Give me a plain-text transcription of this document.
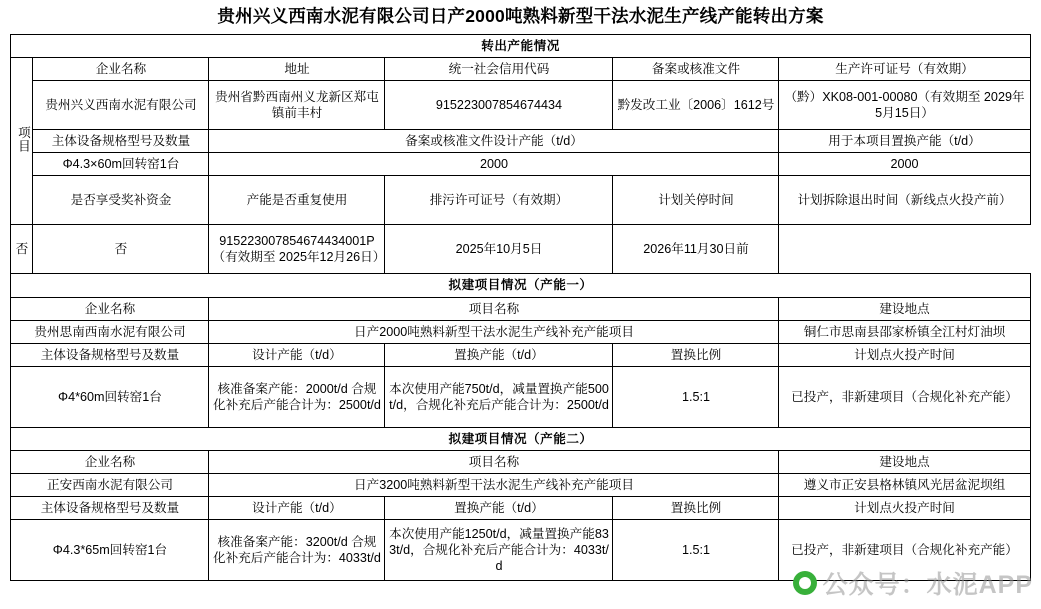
贵州兴义西南水泥有限公司日产2000吨熟料新型干法水泥生产线产能转出方案
转出产能情况					
项目	企业名称	地址	统一社会信用代码	备案或核准文件	生产许可证号（有效期）
	贵州兴义西南水泥有限公司	贵州省黔西南州义龙新区郑屯镇前丰村	915223007854674434	黔发改工业〔2006〕1612号	（黔）XK08-001-00080（有效期至 2029年5月15日）
	主体设备规格型号及数量	备案或核准文件设计产能（t/d）			用于本项目置换产能（t/d）
	Φ4.3×60m回转窑1台	2000			2000
	是否享受奖补资金	产能是否重复使用	排污许可证号（有效期）	计划关停时间	计划拆除退出时间（新线点火投产前）
否	否	915223007854674434001P（有效期至 2025年12月26日）	2025年10月5日	2026年11月30日前	
拟建项目情况（产能一）					
企业名称		项目名称			建设地点
贵州思南西南水泥有限公司		日产2000吨熟料新型干法水泥生产线补充产能项目			铜仁市思南县邵家桥镇全江村灯油坝
主体设备规格型号及数量		设计产能（t/d）	置换产能（t/d）	置换比例	计划点火投产时间
Φ4*60m回转窑1台		核准备案产能：2000t/d 合规化补充后产能合计为：2500t/d	本次使用产能750t/d，减量置换产能500t/d，合规化补充后产能合计为：2500t/d	1.5:1	已投产，非新建项目（合规化补充产能）
拟建项目情况（产能二）					
企业名称		项目名称			建设地点
正安西南水泥有限公司		日产3200吨熟料新型干法水泥生产线补充产能项目			遵义市正安县格林镇风光居盆泥坝组
主体设备规格型号及数量		设计产能（t/d）	置换产能（t/d）	置换比例	计划点火投产时间
Φ4.3*65m回转窑1台		核准备案产能：3200t/d 合规化补充后产能合计为：4033t/d	本次使用产能1250t/d，减量置换产能833t/d，合规化补充后产能合计为：4033t/d	1.5:1	已投产，非新建项目（合规化补充产能）
公众号：水泥APP
